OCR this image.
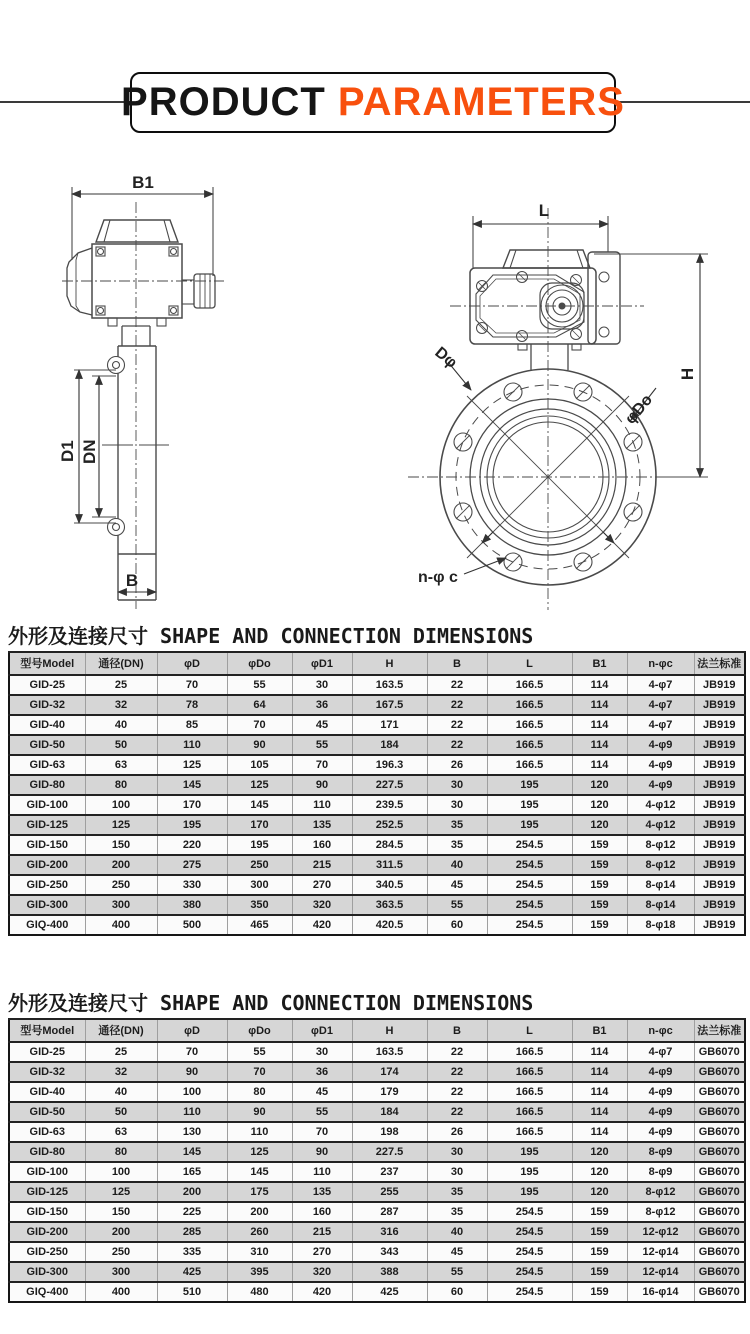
PRODUCT PARAMETERS
B1
D1 DN
B
L
H
Dφ
φDo
n-φ c
外形及连接尺寸 SHAPE AND CONNECTION DIMENSIONS
型号Model	通径(DN)	φD	φDo	φD1	H	B	L	B1	n-φc	法兰标准
GID-25	25	70	55	30	163.5	22	166.5	114	4-φ7	JB919
GID-32	32	78	64	36	167.5	22	166.5	114	4-φ7	JB919
GID-40	40	85	70	45	171	22	166.5	114	4-φ7	JB919
GID-50	50	110	90	55	184	22	166.5	114	4-φ9	JB919
GID-63	63	125	105	70	196.3	26	166.5	114	4-φ9	JB919
GID-80	80	145	125	90	227.5	30	195	120	4-φ9	JB919
GID-100	100	170	145	110	239.5	30	195	120	4-φ12	JB919
GID-125	125	195	170	135	252.5	35	195	120	4-φ12	JB919
GID-150	150	220	195	160	284.5	35	254.5	159	8-φ12	JB919
GID-200	200	275	250	215	311.5	40	254.5	159	8-φ12	JB919
GID-250	250	330	300	270	340.5	45	254.5	159	8-φ14	JB919
GID-300	300	380	350	320	363.5	55	254.5	159	8-φ14	JB919
GIQ-400	400	500	465	420	420.5	60	254.5	159	8-φ18	JB919
外形及连接尺寸 SHAPE AND CONNECTION DIMENSIONS
型号Model	通径(DN)	φD	φDo	φD1	H	B	L	B1	n-φc	法兰标准
GID-25	25	70	55	30	163.5	22	166.5	114	4-φ7	GB6070
GID-32	32	90	70	36	174	22	166.5	114	4-φ9	GB6070
GID-40	40	100	80	45	179	22	166.5	114	4-φ9	GB6070
GID-50	50	110	90	55	184	22	166.5	114	4-φ9	GB6070
GID-63	63	130	110	70	198	26	166.5	114	4-φ9	GB6070
GID-80	80	145	125	90	227.5	30	195	120	8-φ9	GB6070
GID-100	100	165	145	110	237	30	195	120	8-φ9	GB6070
GID-125	125	200	175	135	255	35	195	120	8-φ12	GB6070
GID-150	150	225	200	160	287	35	254.5	159	8-φ12	GB6070
GID-200	200	285	260	215	316	40	254.5	159	12-φ12	GB6070
GID-250	250	335	310	270	343	45	254.5	159	12-φ14	GB6070
GID-300	300	425	395	320	388	55	254.5	159	12-φ14	GB6070
GIQ-400	400	510	480	420	425	60	254.5	159	16-φ14	GB6070
